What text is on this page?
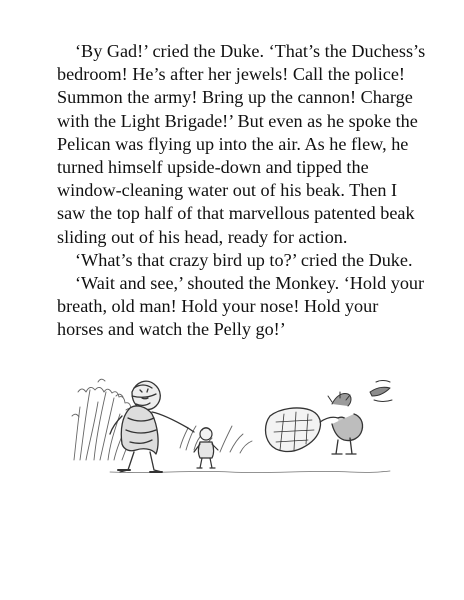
‘By Gad!’ cried the Duke. ‘That’s the Duchess’s
bedroom! He’s after her jewels! Call the police!
Summon the army! Bring up the cannon! Charge
with the Light Brigade!’ But even as he spoke the
Pelican was flying up into the air. As he flew, he
turned himself upside-down and tipped the
window-cleaning water out of his beak. Then I
saw the top half of that marvellous patented beak
sliding out of his head, ready for action.

‘What’s that crazy bird up to?’ cried the Duke.

‘Wait and see,’ shouted the Monkey. ‘Hold your
breath, old man! Hold your nose! Hold your
horses and watch the Pelly go!’
